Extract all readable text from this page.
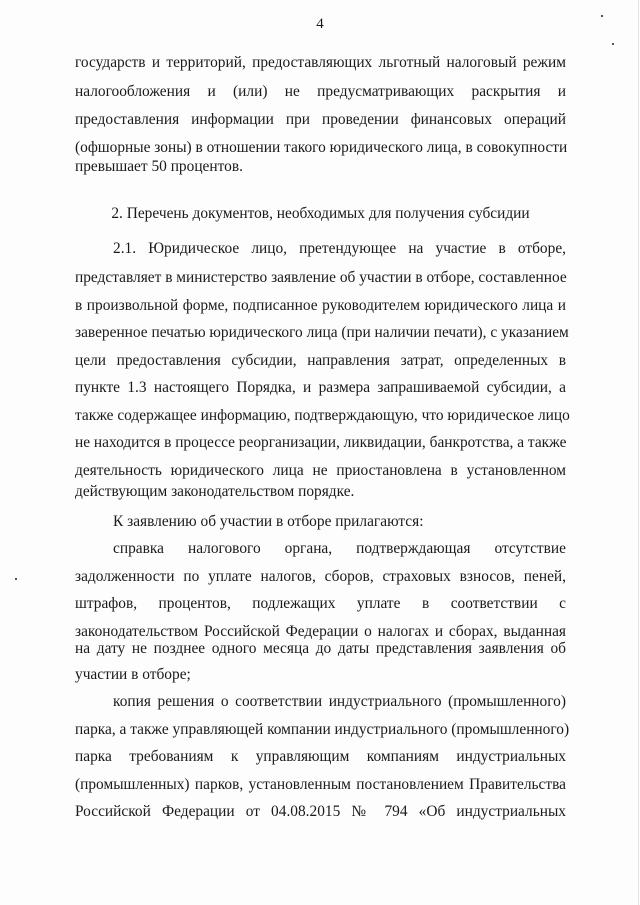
4
государств и территорий, предоставляющих льготный налоговый режим
налогообложения и (или) не предусматривающих раскрытия и
предоставления информации при проведении финансовых операций
(офшорные зоны) в отношении такого юридического лица, в совокупности
превышает 50 процентов.
2. Перечень документов, необходимых для получения субсидии
2.1. Юридическое лицо, претендующее на участие в отборе,
представляет в министерство заявление об участии в отборе, составленное
в произвольной форме, подписанное руководителем юридического лица и
заверенное печатью юридического лица (при наличии печати), с указанием
цели предоставления субсидии, направления затрат, определенных в
пункте 1.3 настоящего Порядка, и размера запрашиваемой субсидии, а
также содержащее информацию, подтверждающую, что юридическое лицо
не находится в процессе реорганизации, ликвидации, банкротства, а также
деятельность юридического лица не приостановлена в установленном
действующим законодательством порядке.
К заявлению об участии в отборе прилагаются:
справка налогового органа, подтверждающая отсутствие
задолженности по уплате налогов, сборов, страховых взносов, пеней,
штрафов, процентов, подлежащих уплате в соответствии с
законодательством Российской Федерации о налогах и сборах, выданная
на дату не позднее одного месяца до даты представления заявления об
участии в отборе;
копия решения о соответствии индустриального (промышленного)
парка, а также управляющей компании индустриального (промышленного)
парка требованиям к управляющим компаниям индустриальных
(промышленных) парков, установленным постановлением Правительства
Российской Федерации от 04.08.2015 № 794 «Об индустриальных
